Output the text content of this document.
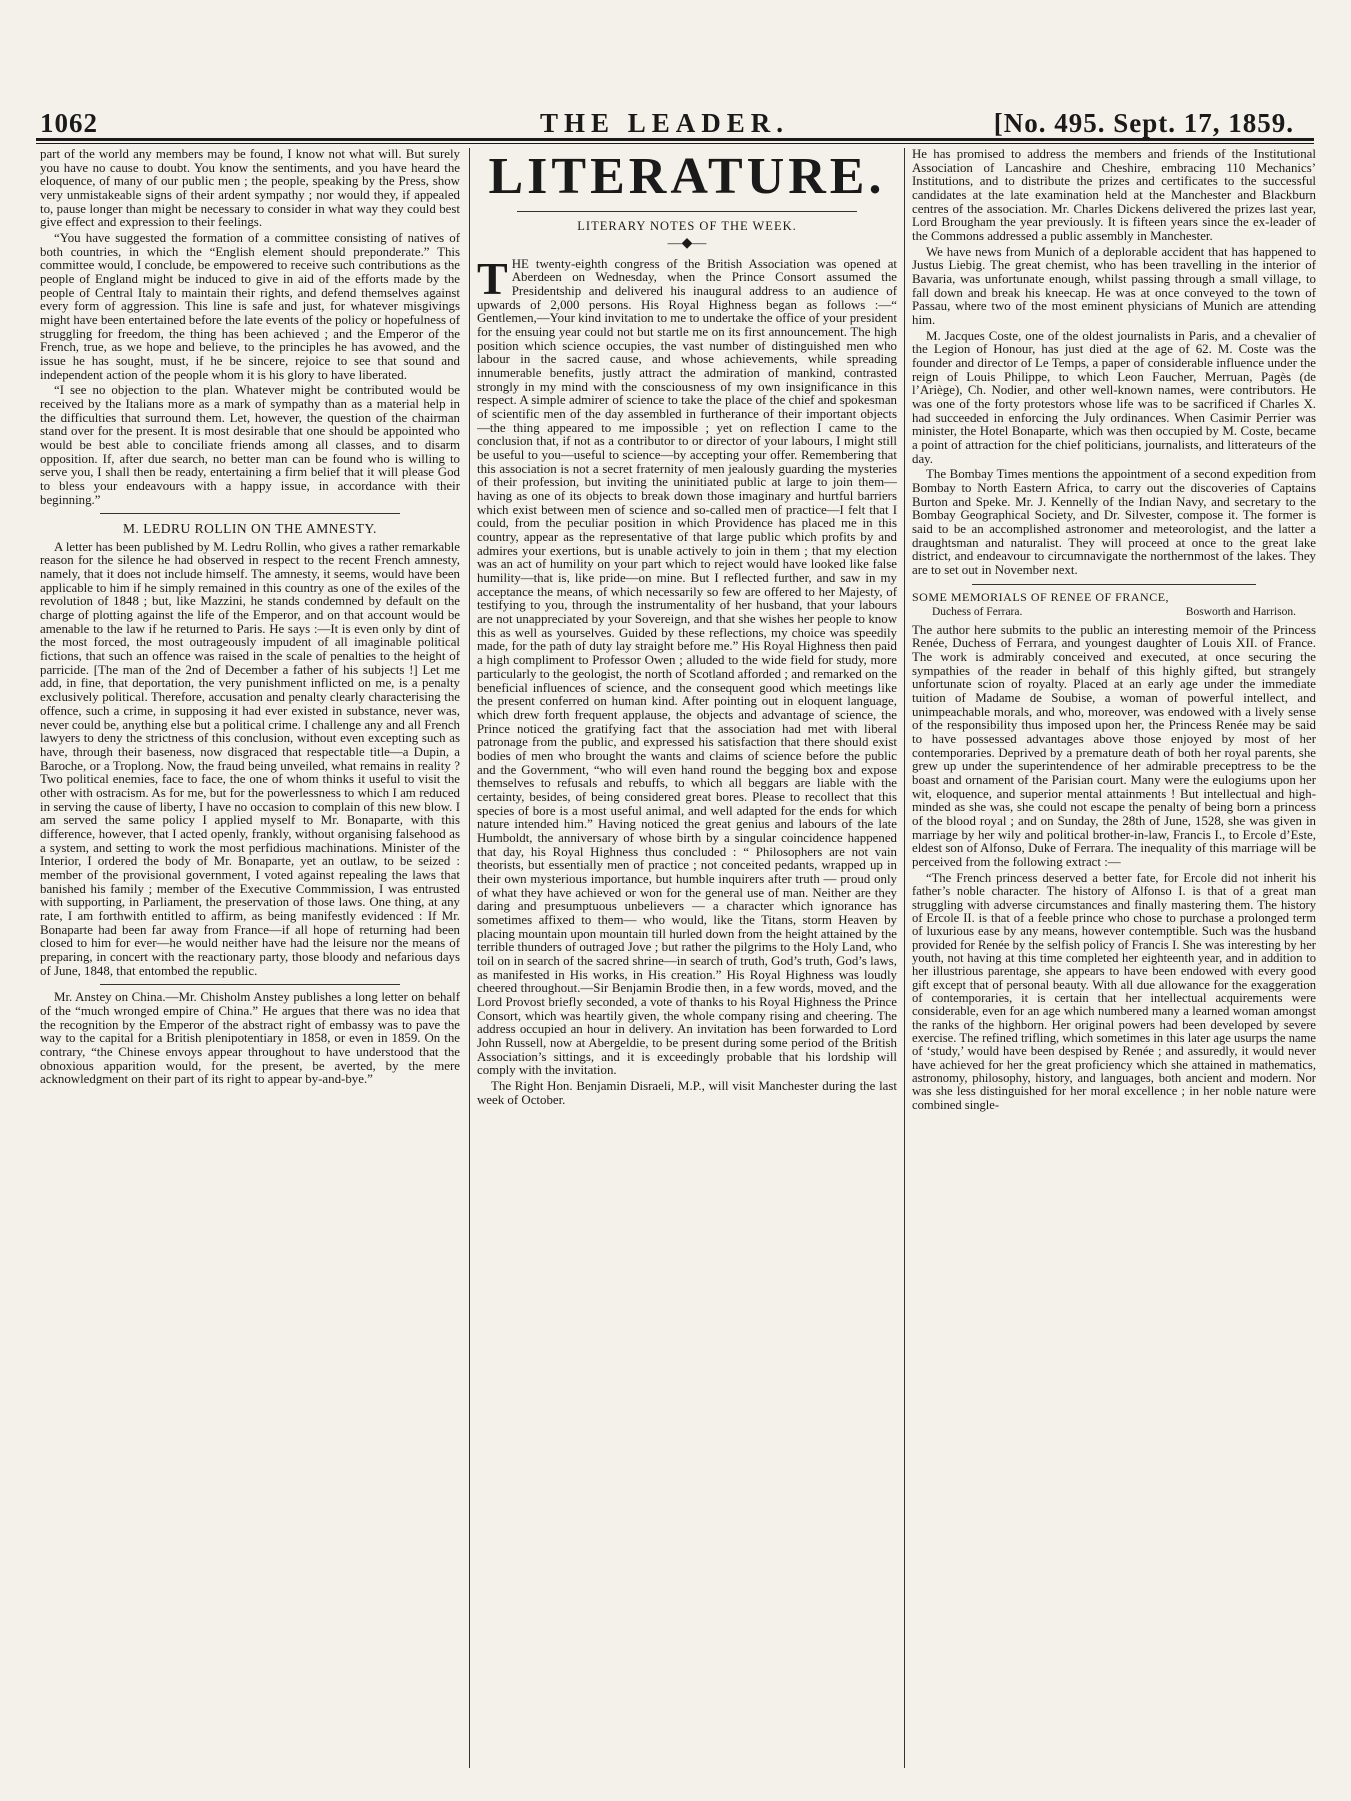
1062	THE LEADER.	[No. 495. Sept. 17, 1859.

part of the world any members may be found, I know not what will. But surely you have no cause to doubt. You know the sentiments, and you have heard the eloquence, of many of our public men ; the people, speaking by the Press, show very unmistakeable signs of their ardent sympathy ; nor would they, if appealed to, pause longer than might be necessary to consider in what way they could best give effect and expression to their feelings.

“You have suggested the formation of a committee consisting of natives of both countries, in which the “English element should preponderate.” This committee would, I conclude, be empowered to receive such contributions as the people of England might be induced to give in aid of the efforts made by the people of Central Italy to maintain their rights, and defend themselves against every form of aggression. This line is safe and just, for whatever misgivings might have been entertained before the late events of the policy or hopefulness of struggling for freedom, the thing has been achieved ; and the Emperor of the French, true, as we hope and believe, to the principles he has avowed, and the issue he has sought, must, if he be sincere, rejoice to see that sound and independent action of the people whom it is his glory to have liberated.

“I see no objection to the plan. Whatever might be contributed would be received by the Italians more as a mark of sympathy than as a material help in the difficulties that surround them. Let, however, the question of the chairman stand over for the present. It is most desirable that one should be appointed who would be best able to conciliate friends among all classes, and to disarm opposition. If, after due search, no better man can be found who is willing to serve you, I shall then be ready, entertaining a firm belief that it will please God to bless your endeavours with a happy issue, in accordance with their beginning.”

M. LEDRU ROLLIN ON THE AMNESTY.

A letter has been published by M. Ledru Rollin, who gives a rather remarkable reason for the silence he had observed in respect to the recent French amnesty, namely, that it does not include himself. The amnesty, it seems, would have been applicable to him if he simply remained in this country as one of the exiles of the revolution of 1848 ; but, like Mazzini, he stands condemned by default on the charge of plotting against the life of the Emperor, and on that account would be amenable to the law if he returned to Paris. He says :—It is even only by dint of the most forced, the most outrageously impudent of all imaginable political fictions, that such an offence was raised in the scale of penalties to the height of parricide. [The man of the 2nd of December a father of his subjects !] Let me add, in fine, that deportation, the very punishment inflicted on me, is a penalty exclusively political. Therefore, accusation and penalty clearly characterising the offence, such a crime, in supposing it had ever existed in substance, never was, never could be, anything else but a political crime. I challenge any and all French lawyers to deny the strictness of this conclusion, without even excepting such as have, through their baseness, now disgraced that respectable title—a Dupin, a Baroche, or a Troplong. Now, the fraud being unveiled, what remains in reality ? Two political enemies, face to face, the one of whom thinks it useful to visit the other with ostracism. As for me, but for the powerlessness to which I am reduced in serving the cause of liberty, I have no occasion to complain of this new blow. I am served the same policy I applied myself to Mr. Bonaparte, with this difference, however, that I acted openly, frankly, without organising falsehood as a system, and setting to work the most perfidious machinations. Minister of the Interior, I ordered the body of Mr. Bonaparte, yet an outlaw, to be seized : member of the provisional government, I voted against repealing the laws that banished his family ; member of the Executive Commmission, I was entrusted with supporting, in Parliament, the preservation of those laws. One thing, at any rate, I am forthwith entitled to affirm, as being manifestly evidenced : If Mr. Bonaparte had been far away from France—if all hope of returning had been closed to him for ever—he would neither have had the leisure nor the means of preparing, in concert with the reactionary party, those bloody and nefarious days of June, 1848, that entombed the republic.

Mr. Anstey on China.—Mr. Chisholm Anstey publishes a long letter on behalf of the “much wronged empire of China.” He argues that there was no idea that the recognition by the Emperor of the abstract right of embassy was to pave the way to the capital for a British plenipotentiary in 1858, or even in 1859. On the contrary, “the Chinese envoys appear throughout to have understood that the obnoxious apparition would, for the present, be averted, by the mere acknowledgment on their part of its right to appear by-and-bye.”

LITERATURE.
LITERARY NOTES OF THE WEEK.
—◆—

THE twenty-eighth congress of the British Association was opened at Aberdeen on Wednesday, when the Prince Consort assumed the Presidentship and delivered his inaugural address to an audience of upwards of 2,000 persons. His Royal Highness began as follows :—“ Gentlemen,—Your kind invitation to me to undertake the office of your president for the ensuing year could not but startle me on its first announcement. The high position which science occupies, the vast number of distinguished men who labour in the sacred cause, and whose achievements, while spreading innumerable benefits, justly attract the admiration of mankind, contrasted strongly in my mind with the consciousness of my own insignificance in this respect. A simple admirer of science to take the place of the chief and spokesman of scientific men of the day assembled in furtherance of their important objects —the thing appeared to me impossible ; yet on reflection I came to the conclusion that, if not as a contributor to or director of your labours, I might still be useful to you—useful to science—by accepting your offer. Remembering that this association is not a secret fraternity of men jealously guarding the mysteries of their profession, but inviting the uninitiated public at large to join them—having as one of its objects to break down those imaginary and hurtful barriers which exist between men of science and so-called men of practice—I felt that I could, from the peculiar position in which Providence has placed me in this country, appear as the representative of that large public which profits by and admires your exertions, but is unable actively to join in them ; that my election was an act of humility on your part which to reject would have looked like false humility—that is, like pride—on mine. But I reflected further, and saw in my acceptance the means, of which necessarily so few are offered to her Majesty, of testifying to you, through the instrumentality of her husband, that your labours are not unappreciated by your Sovereign, and that she wishes her people to know this as well as yourselves. Guided by these reflections, my choice was speedily made, for the path of duty lay straight before me.” His Royal Highness then paid a high compliment to Professor Owen ; alluded to the wide field for study, more particularly to the geologist, the north of Scotland afforded ; and remarked on the beneficial influences of science, and the consequent good which meetings like the present conferred on human kind. After pointing out in eloquent language, which drew forth frequent applause, the objects and advantage of science, the Prince noticed the gratifying fact that the association had met with liberal patronage from the public, and expressed his satisfaction that there should exist bodies of men who brought the wants and claims of science before the public and the Government, “who will even hand round the begging box and expose themselves to refusals and rebuffs, to which all beggars are liable with the certainty, besides, of being considered great bores. Please to recollect that this species of bore is a most useful animal, and well adapted for the ends for which nature intended him.” Having noticed the great genius and labours of the late Humboldt, the anniversary of whose birth by a singular coincidence happened that day, his Royal Highness thus concluded : “ Philosophers are not vain theorists, but essentially men of practice ; not conceited pedants, wrapped up in their own mysterious importance, but humble inquirers after truth — proud only of what they have achieved or won for the general use of man. Neither are they daring and presumptuous unbelievers — a character which ignorance has sometimes affixed to them— who would, like the Titans, storm Heaven by placing mountain upon mountain till hurled down from the height attained by the terrible thunders of outraged Jove ; but rather the pilgrims to the Holy Land, who toil on in search of the sacred shrine—in search of truth, God’s truth, God’s laws, as manifested in His works, in His creation.” His Royal Highness was loudly cheered throughout.—Sir Benjamin Brodie then, in a few words, moved, and the Lord Provost briefly seconded, a vote of thanks to his Royal Highness the Prince Consort, which was heartily given, the whole company rising and cheering. The address occupied an hour in delivery. An invitation has been forwarded to Lord John Russell, now at Abergeldie, to be present during some period of the British Association’s sittings, and it is exceedingly probable that his lordship will comply with the invitation.

The Right Hon. Benjamin Disraeli, M.P., will visit Manchester during the last week of October.

He has promised to address the members and friends of the Institutional Association of Lancashire and Cheshire, embracing 110 Mechanics’ Institutions, and to distribute the prizes and certificates to the successful candidates at the late examination held at the Manchester and Blackburn centres of the association. Mr. Charles Dickens delivered the prizes last year, Lord Brougham the year previously. It is fifteen years since the ex-leader of the Commons addressed a public assembly in Manchester.

We have news from Munich of a deplorable accident that has happened to Justus Liebig. The great chemist, who has been travelling in the interior of Bavaria, was unfortunate enough, whilst passing through a small village, to fall down and break his kneecap. He was at once conveyed to the town of Passau, where two of the most eminent physicians of Munich are attending him.

M. Jacques Coste, one of the oldest journalists in Paris, and a chevalier of the Legion of Honour, has just died at the age of 62. M. Coste was the founder and director of Le Temps, a paper of considerable influence under the reign of Louis Philippe, to which Leon Faucher, Merruan, Pagès (de l’Ariège), Ch. Nodier, and other well-known names, were contributors. He was one of the forty protestors whose life was to be sacrificed if Charles X. had succeeded in enforcing the July ordinances. When Casimir Perrier was minister, the Hotel Bonaparte, which was then occupied by M. Coste, became a point of attraction for the chief politicians, journalists, and litterateurs of the day.

The Bombay Times mentions the appointment of a second expedition from Bombay to North Eastern Africa, to carry out the discoveries of Captains Burton and Speke. Mr. J. Kennelly of the Indian Navy, and secretary to the Bombay Geographical Society, and Dr. Silvester, compose it. The former is said to be an accomplished astronomer and meteorologist, and the latter a draughtsman and naturalist. They will proceed at once to the great lake district, and endeavour to circumnavigate the northernmost of the lakes. They are to set out in November next.

SOME MEMORIALS OF RENEE OF FRANCE,
Duchess of Ferrara.	Bosworth and Harrison.

The author here submits to the public an interesting memoir of the Princess Renée, Duchess of Ferrara, and youngest daughter of Louis XII. of France. The work is admirably conceived and executed, at once securing the sympathies of the reader in behalf of this highly gifted, but strangely unfortunate scion of royalty. Placed at an early age under the immediate tuition of Madame de Soubise, a woman of powerful intellect, and unimpeachable morals, and who, moreover, was endowed with a lively sense of the responsibility thus imposed upon her, the Princess Renée may be said to have possessed advantages above those enjoyed by most of her contemporaries. Deprived by a premature death of both her royal parents, she grew up under the superintendence of her admirable preceptress to be the boast and ornament of the Parisian court. Many were the eulogiums upon her wit, eloquence, and superior mental attainments ! But intellectual and high-minded as she was, she could not escape the penalty of being born a princess of the blood royal ; and on Sunday, the 28th of June, 1528, she was given in marriage by her wily and political brother-in-law, Francis I., to Ercole d’Este, eldest son of Alfonso, Duke of Ferrara. The inequality of this marriage will be perceived from the following extract :—

“The French princess deserved a better fate, for Ercole did not inherit his father’s noble character. The history of Alfonso I. is that of a great man struggling with adverse circumstances and finally mastering them. The history of Ercole II. is that of a feeble prince who chose to purchase a prolonged term of luxurious ease by any means, however contemptible. Such was the husband provided for Renée by the selfish policy of Francis I. She was interesting by her youth, not having at this time completed her eighteenth year, and in addition to her illustrious parentage, she appears to have been endowed with every good gift except that of personal beauty. With all due allowance for the exaggeration of contemporaries, it is certain that her intellectual acquirements were considerable, even for an age which numbered many a learned woman amongst the ranks of the highborn. Her original powers had been developed by severe exercise. The refined trifling, which sometimes in this later age usurps the name of ‘study,’ would have been despised by Renée ; and assuredly, it would never have achieved for her the great proficiency which she attained in mathematics, astronomy, philosophy, history, and languages, both ancient and modern. Nor was she less distinguished for her moral excellence ; in her noble nature were combined single-
